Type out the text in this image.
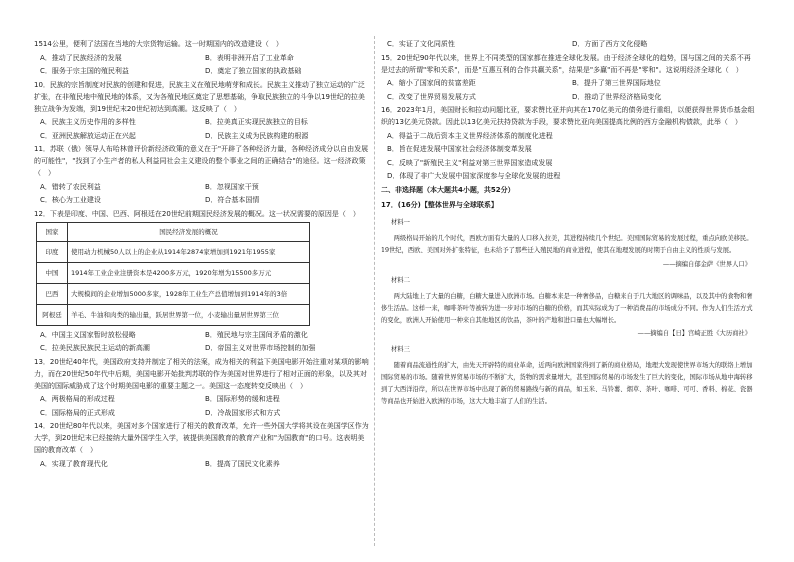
1514公里，便利了法国在当地的大宗货物运输。这一时期国内的改造建设（　）

A．推动了民族经济的发展	B．表明非洲开启了工业革命
C．服务于宗主国的殖民利益	D．奠定了独立国家的执政基础

10．民族的宗旨制度对民族的创建和促进，民族主义在殖民地萌芽和成长。民族主义推动了独立运动的广泛扩张，在非殖民地中殖民地的体系，又为各殖民地区奠定了思想基础，争取民族独立的斗争以19世纪的拉美独立战争为发端，到19世纪末20世纪初达到高潮。这反映了（　）

A．民族主义历史作用的多样性	B．拉美真正实现民族独立的目标
C．亚洲民族解放运动正在兴起	D．民族主义成为民族构建的根源

11．苏联（俄）领导人布哈林曾评价新经济政策的意义在于"开辟了各种经济力量，各种经济成分以自由发展的可能性"，"找到了小生产者的私人利益同社会主义建设的整个事业之间的正确结合"的途径。这一经济政策（　）

A．错转了农民利益	B．忽视国家干预
C．核心为工业建设	D．符合基本国情

12．下表是印度、中国、巴西、阿根廷在20世纪前期国民经济发展的概况。这一状况需要的原因是（　）

国家	国民经济发展的概况
印度	使用动力机械50人以上的企业从1914年2874家增加到1921年1955家
中国	1914年工业企业注册资本是4200多万元，1920年增为15500多万元
巴西	大规模间的企业增加5000多家，1928年工业生产总值增加到1914年的3倍
阿根廷	羊毛、牛油和肉类的输出量，跃居世界第一位，小麦输出量居世界第三位
A．中国主义国家暂时放松侵略	B．殖民地与宗主国间矛盾的激化
C．拉美民族民族民主运动的新高潮	D．帝国主义对世界市场控制的加强

13．20世纪40年代，美国政府支持并制定了相关的法案，成为相关的利益下美国电影开始注重对某项的影响力，而在20世纪50年代中后期，美国电影开始批判苏联的作为美国对世界进行了相对正面的形象，以及其对美国的国际威胁成了这个时期美国电影的重要主题之一。美国这一态度转变反映出（　）

A．两极格局的形成过程	B．国际形势的缓和进程
C．国际格局的正式形成	D．冷战国家形式和方式

14．20世纪80年代以来，美国对多个国家进行了相关的教育改革，允许一些外国大学将其设在美国学区作为大学，到20世纪末已经接纳大量外国学生入学，被提供美国教育的教育产业和"为国教育"的口号。这表明美国的教育改革（　）

A．实现了教育现代化	B．提高了国民文化素养
C．实证了文化同质性	D．方面了西方文化侵略

15．20世纪90年代以来，世界上不同类型的国家都在推进全球化发展。由于经济全球化的趋势，国与国之间的关系不再是过去的所谓"零和关系"，而是"互惠互利的合作共赢关系"，结果是"多赢"而不再是"零和"。这说明经济全球化（　）

A．缩小了国家间的贫富差距	B．提升了第三世界国际地位
C．改变了世界贸易发展方式	D．推动了世界经济格局变化

16．2023年1月，美国财长和拉动问题比亚，要求赞比亚并向其在170亿美元的债务进行重组，以便获得世界货币基金组织的13亿美元贷款。因此以13亿美元扶持贷款为手段，要求赞比亚向美国提高比例的西方金融机构债款，此举（　）

A．得益于二战后资本主义世界经济体系的制度化进程

B．旨在促进发展中国家社会经济体制变革发展

C．反映了"新殖民主义"利益对第三世界国家造成发展

D．体现了非广大发展中国家深度参与全球化发展的进程

二、非选择题（本大题共4小题，共52分）

17．(16分)【整体世界与全球联系】

材料一

　　两级格局开始的几个时代，西欧方面有大量的人口移入拉美，其进程持续几个世纪。美国国际贸易的发展过程，重点向欧美移民。19世纪，西欧、美国对外扩张特征，也未给予了那些迁入殖民地的商业进程，使其在地理发展的时期于自由主义的性质与发展。

——摘编自郁金萨《世界人口》

材料二

　　两大陆地上了大量的白糖，白糖大量进入欧洲市场。白糖本来是一种奢侈品，白糖来自于几大地区的调味品，以及其中的食物和奢侈生活品。这样一来，咖啡茶叶等被转为进一步对市场的白糖的价格，而其实际成为了一种消费品的市场成分不同。作为人们生活方式的变化，欧洲人开始使用一种来自其他地区的饮品，茶叶的产地和进口量也大幅增长。

——摘编自【日】宫崎正胜《大历商社》

材料三

　　随着商品流通性的扩大，由先天开辟特的商业革命，近两向欧洲国家得到了新的商业格局，地理大发现使世界市场大的联络上增加国际贸易的市场。随着世界贸易市场的不断扩大，货物的需求量增大，甚至国际贸易的市场发生了巨大的变化，国际市场从地中海转移到了大西洋沿岸，所以在世界市场中出现了新的贸易路线与新的商品，如玉米、马铃薯、烟草、茶叶、咖啡、可可、香料、棉花、瓷器等商品也开始进入欧洲的市场，这大大地丰富了人们的生活。
